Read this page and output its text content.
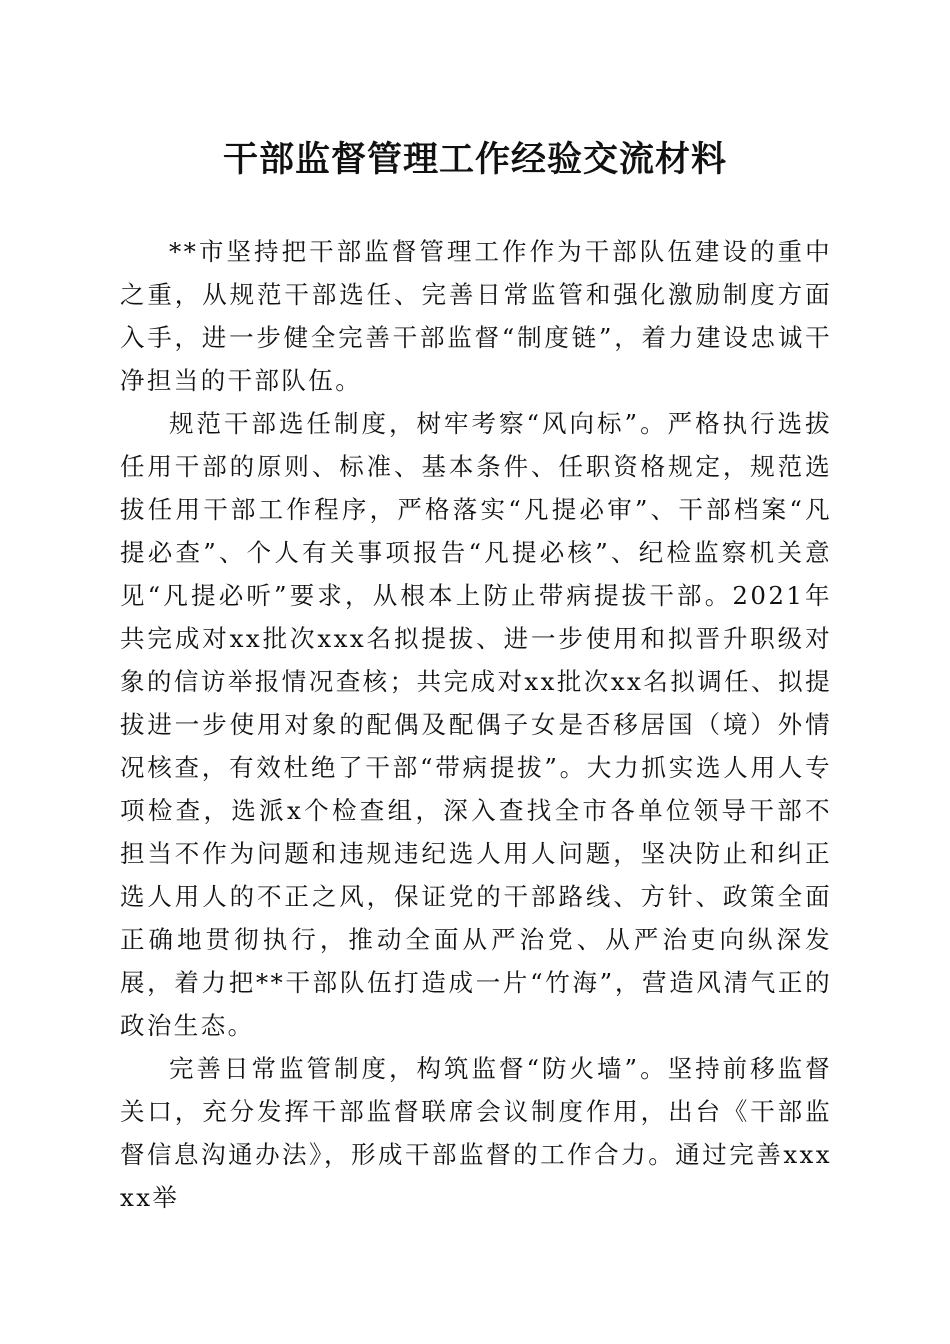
干部监督管理工作经验交流材料

**市坚持把干部监督管理工作作为干部队伍建设的重中之重，从规范干部选任、完善日常监管和强化激励制度方面入手，进一步健全完善干部监督“制度链”，着力建设忠诚干净担当的干部队伍。

规范干部选任制度，树牢考察“风向标”。严格执行选拔任用干部的原则、标准、基本条件、任职资格规定，规范选拔任用干部工作程序，严格落实“凡提必审”、干部档案“凡提必查”、个人有关事项报告“凡提必核”、纪检监察机关意见“凡提必听”要求，从根本上防止带病提拔干部。2021年共完成对xx批次xxx名拟提拔、进一步使用和拟晋升职级对象的信访举报情况查核；共完成对xx批次xx名拟调任、拟提拔进一步使用对象的配偶及配偶子女是否移居国（境）外情况核查，有效杜绝了干部“带病提拔”。大力抓实选人用人专项检查，选派x个检查组，深入查找全市各单位领导干部不担当不作为问题和违规违纪选人用人问题，坚决防止和纠正选人用人的不正之风，保证党的干部路线、方针、政策全面正确地贯彻执行，推动全面从严治党、从严治吏向纵深发展，着力把**干部队伍打造成一片“竹海”，营造风清气正的政治生态。

完善日常监管制度，构筑监督“防火墙”。坚持前移监督关口，充分发挥干部监督联席会议制度作用，出台《干部监督信息沟通办法》，形成干部监督的工作合力。通过完善xxxxx举
